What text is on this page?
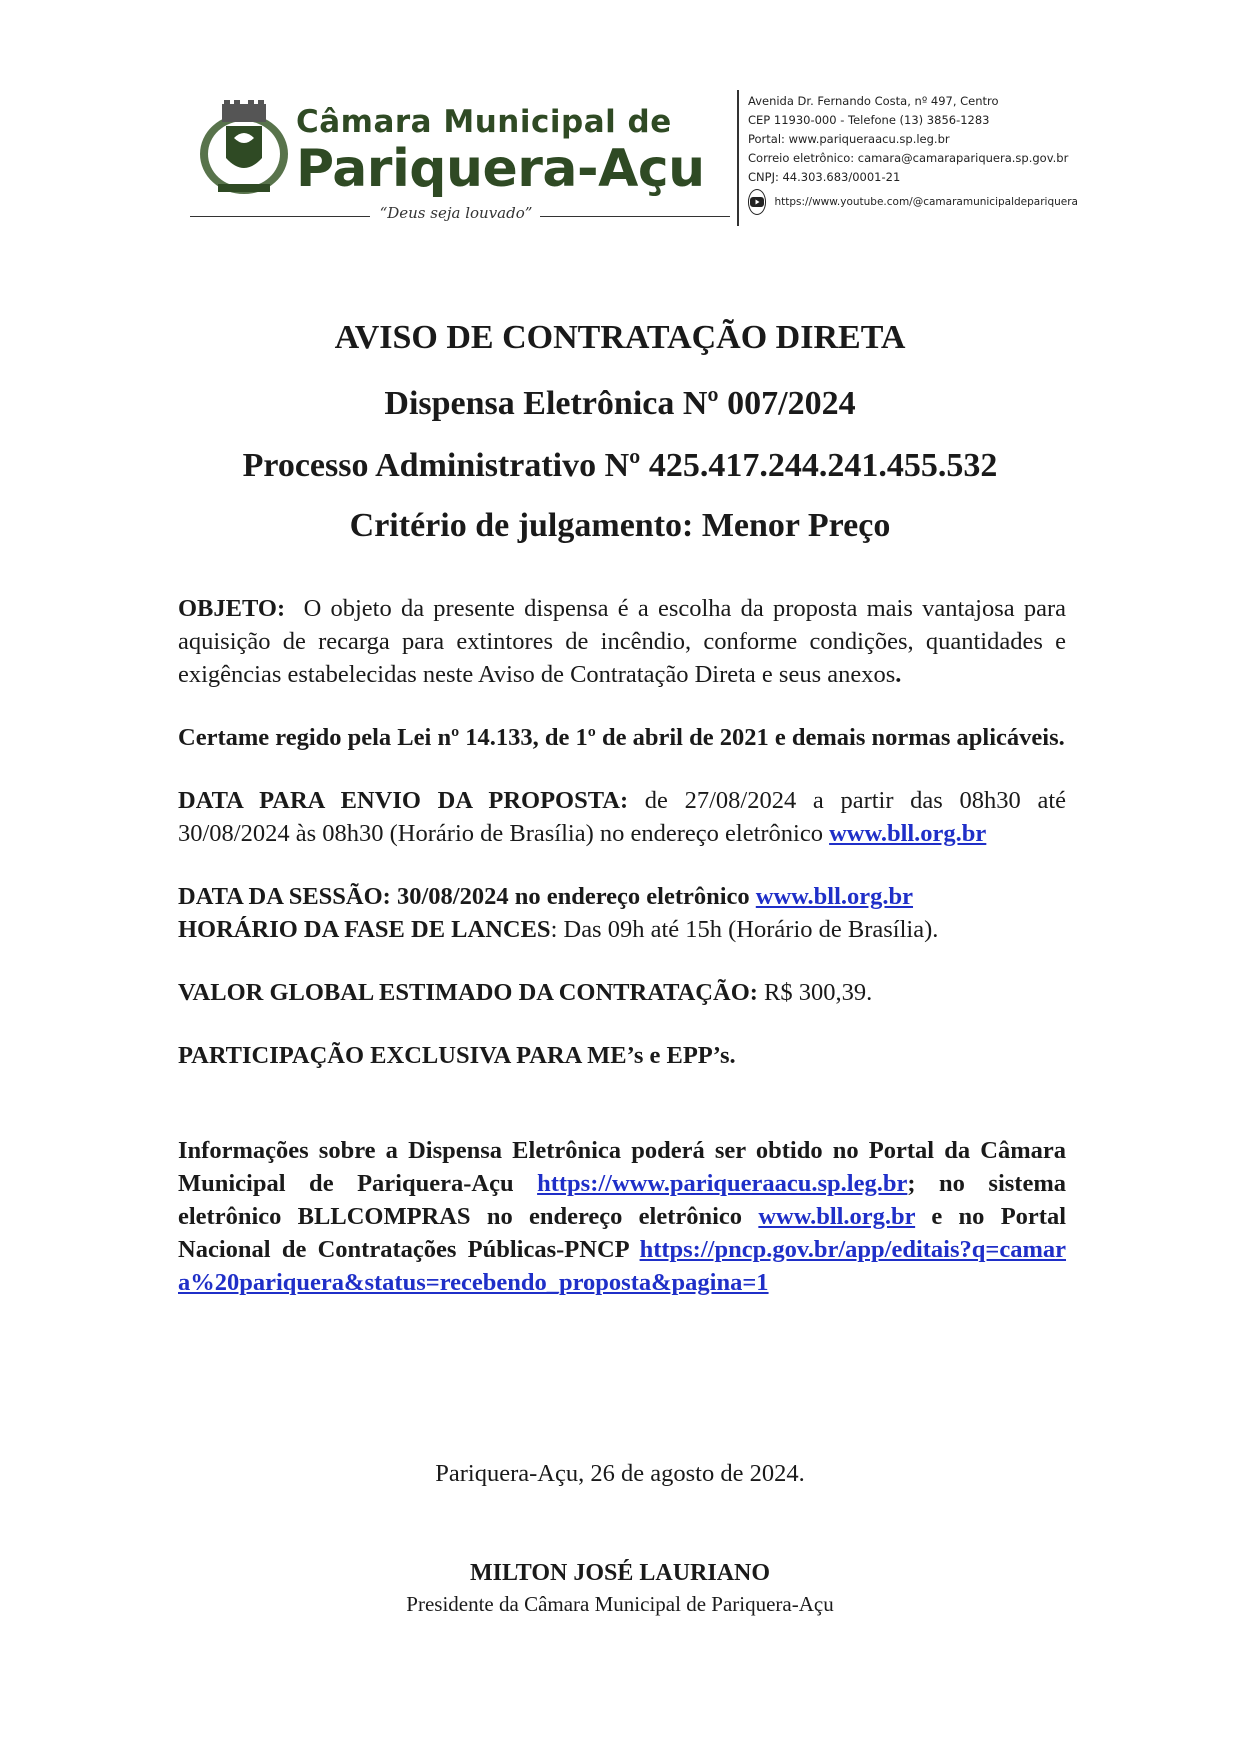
Câmara Municipal de
Pariquera-Açu
“Deus seja louvado”
Avenida Dr. Fernando Costa, nº 497, Centro
CEP 11930-000 - Telefone (13) 3856-1283
Portal: www.pariqueraacu.sp.leg.br
Correio eletrônico: camara@camarapariquera.sp.gov.br
CNPJ: 44.303.683/0001-21
https://www.youtube.com/@camaramunicipaldepariquera
AVISO DE CONTRATAÇÃO DIRETA
Dispensa Eletrônica Nº 007/2024
Processo Administrativo Nº 425.417.244.241.455.532
Critério de julgamento: Menor Preço

OBJETO: O objeto da presente dispensa é a escolha da proposta mais vantajosa para aquisição de recarga para extintores de incêndio, conforme condições, quantidades e exigências estabelecidas neste Aviso de Contratação Direta e seus anexos.

Certame regido pela Lei nº 14.133, de 1º de abril de 2021 e demais normas aplicáveis.

DATA PARA ENVIO DA PROPOSTA: de 27/08/2024 a partir das 08h30 até 30/08/2024 às 08h30 (Horário de Brasília) no endereço eletrônico www.bll.org.br

DATA DA SESSÃO: 30/08/2024 no endereço eletrônico www.bll.org.br
HORÁRIO DA FASE DE LANCES: Das 09h até 15h (Horário de Brasília).

VALOR GLOBAL ESTIMADO DA CONTRATAÇÃO: R$ 300,39.

PARTICIPAÇÃO EXCLUSIVA PARA ME’s e EPP’s.

Informações sobre a Dispensa Eletrônica poderá ser obtido no Portal da Câmara Municipal de Pariquera-Açu https://www.pariqueraacu.sp.leg.br; no sistema eletrônico BLLCOMPRAS no endereço eletrônico www.bll.org.br e no Portal Nacional de Contratações Públicas-PNCP https://pncp.gov.br/app/editais?q=camara%20pariquera&status=recebendo_proposta&pagina=1

Pariquera-Açu, 26 de agosto de 2024.
MILTON JOSÉ LAURIANO
Presidente da Câmara Municipal de Pariquera-Açu
